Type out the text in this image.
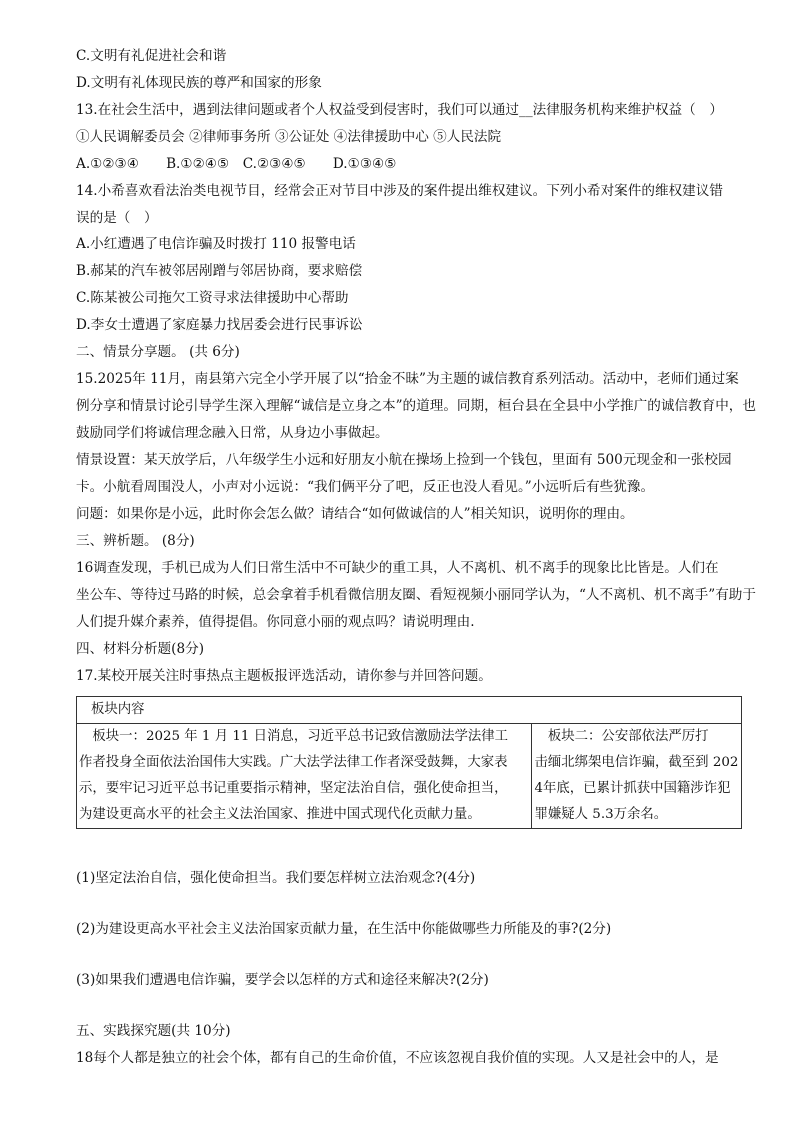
C.文明有礼促进社会和谐
D.文明有礼体现民族的尊严和国家的形象
13.在社会生活中，遇到法律问题或者个人权益受到侵害时，我们可以通过__法律服务机构来维护权益（　）
①人民调解委员会 ②律师事务所 ③公证处 ④法律援助中心 ⑤人民法院
A.①②③④　　B.①②④⑤　C.②③④⑤　　D.①③④⑤
14.小希喜欢看法治类电视节目，经常会正对节目中涉及的案件提出维权建议。下列小希对案件的维权建议错
误的是（　）
A.小红遭遇了电信诈骗及时拨打 110 报警电话
B.郝某的汽车被邻居剐蹭与邻居协商，要求赔偿
C.陈某被公司拖欠工资寻求法律援助中心帮助
D.李女士遭遇了家庭暴力找居委会进行民事诉讼
二、情景分享题。 (共 6分)
15.2025年 11月，南县第六完全小学开展了以“拾金不昧”为主题的诚信教育系列活动。活动中，老师们通过案
例分享和情景讨论引导学生深入理解“诚信是立身之本”的道理。同期，桓台县在全县中小学推广的诚信教育中，也
鼓励同学们将诚信理念融入日常，从身边小事做起。
情景设置：某天放学后，八年级学生小远和好朋友小航在操场上捡到一个钱包，里面有 500元现金和一张校园
卡。小航看周围没人，小声对小远说：“我们俩平分了吧，反正也没人看见。”小远听后有些犹豫。
问题：如果你是小远，此时你会怎么做？请结合“如何做诚信的人”相关知识，说明你的理由。
三、辨析题。 (8分)
16调查发现，手机已成为人们日常生活中不可缺少的重工具，人不离机、机不离手的现象比比皆是。人们在
坐公车、等待过马路的时候，总会拿着手机看微信朋友圈、看短视频小丽同学认为，“人不离机、机不离手”有助于
人们提升媒介素养，值得提倡。你同意小丽的观点吗？请说明理由.
四、材料分析题(8分)
17.某校开展关注时事热点主题板报评选活动，请你参与并回答问题。
板块内容

　板块一：2025 年 1 月 11 日消息，习近平总书记致信激励法学法律工
作者投身全面依法治国伟大实践。广大法学法律工作者深受鼓舞，大家表
示，要牢记习近平总书记重要指示精神，坚定法治自信，强化使命担当，
为建设更高水平的社会主义法治国家、推进中国式现代化贡献力量。

　板块二：公安部依法严厉打
击缅北绑架电信诈骗，截至到 202
4年底，已累计抓获中国籍涉诈犯
罪嫌疑人 5.3万余名。
(1)坚定法治自信，强化使命担当。我们要怎样树立法治观念?(4分)
(2)为建设更高水平社会主义法治国家贡献力量，在生活中你能做哪些力所能及的事?(2分)
(3)如果我们遭遇电信诈骗，要学会以怎样的方式和途径来解决?(2分)
五、实践探究题(共 10分)
18每个人都是独立的社会个体，都有自己的生命价值，不应该忽视自我价值的实现。人又是社会中的人，是
